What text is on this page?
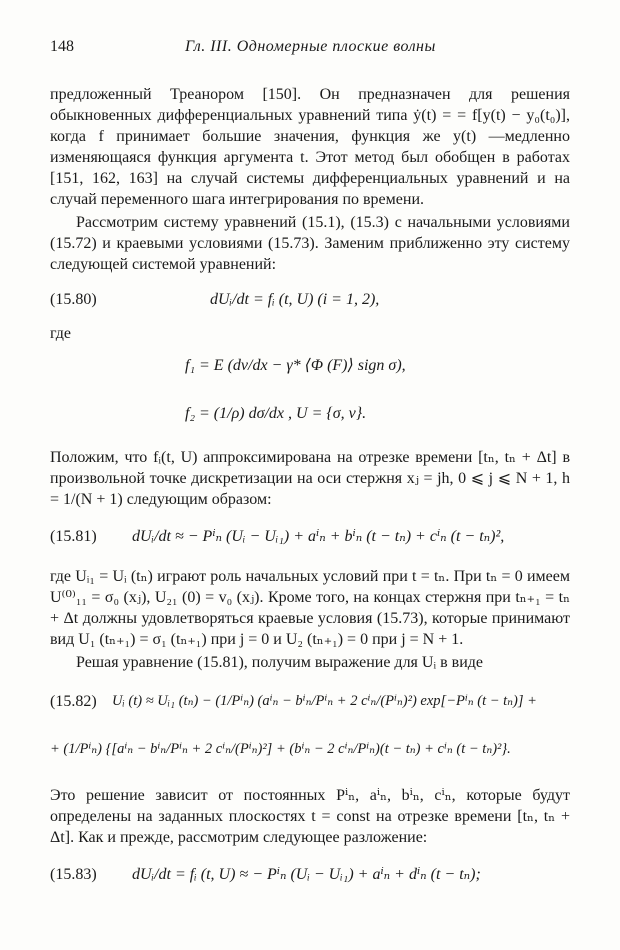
148	Гл. III. Одномерные плоские волны

предложенный Треанором [150]. Он предназначен для решения обыкновенных дифференциальных уравнений типа ẏ(t) = = f[y(t) − y₀(t₀)], когда f принимает большие значения, функция же y(t) —медленно изменяющаяся функция аргумента t. Этот метод был обобщен в работах [151, 162, 163] на случай системы дифференциальных уравнений и на случай переменного шага интегрирования по времени.

Рассмотрим систему уравнений (15.1), (15.3) с начальными условиями (15.72) и краевыми условиями (15.73). Заменим приближенно эту систему следующей системой уравнений:

(15.80)	dUᵢ/dt = fᵢ (t, U) (i = 1, 2),
где
f₁ = E (dv/dx − γ* ⟨Φ (F)⟩ sign σ),
f₂ = (1/ρ) dσ/dx , U = {σ, v}.

Положим, что fᵢ(t, U) аппроксимирована на отрезке времени [tₙ, tₙ + Δt] в произвольной точке дискретизации на оси стержня xⱼ = jh, 0 ⩽ j ⩽ N + 1, h = 1/(N + 1) следующим образом:

(15.81) dUᵢ/dt ≈ − Pⁱₙ (Uᵢ − Uᵢ₁) + aⁱₙ + bⁱₙ (t − tₙ) + cⁱₙ (t − tₙ)²,

где Uᵢ₁ = Uᵢ (tₙ) играют роль начальных условий при t = tₙ. При tₙ = 0 имеем U⁽⁰⁾₁₁ = σ₀ (xⱼ), U₂₁ (0) = v₀ (xⱼ). Кроме того, на концах стержня при tₙ₊₁ = tₙ + Δt должны удовлетворяться краевые условия (15.73), которые принимают вид U₁ (tₙ₊₁) = σ₁ (tₙ₊₁) при j = 0 и U₂ (tₙ₊₁) = 0 при j = N + 1.

Решая уравнение (15.81), получим выражение для Uᵢ в виде

(15.82) Uᵢ (t) ≈ Uᵢ₁ (tₙ) − (1/Pⁱₙ) (aⁱₙ − bⁱₙ/Pⁱₙ + 2 cⁱₙ/(Pⁱₙ)²) exp[−Pⁱₙ (t − tₙ)] +
+ (1/Pⁱₙ) {[aⁱₙ − bⁱₙ/Pⁱₙ + 2 cⁱₙ/(Pⁱₙ)²] + (bⁱₙ − 2 cⁱₙ/Pⁱₙ)(t − tₙ) + cⁱₙ (t − tₙ)²}.

Это решение зависит от постоянных Pⁱₙ, aⁱₙ, bⁱₙ, cⁱₙ, которые будут определены на заданных плоскостях t = const на отрезке времени [tₙ, tₙ + Δt]. Как и прежде, рассмотрим следующее разложение:

(15.83) dUᵢ/dt = fᵢ (t, U) ≈ − Pⁱₙ (Uᵢ − Uᵢ₁) + aⁱₙ + dⁱₙ (t − tₙ);
